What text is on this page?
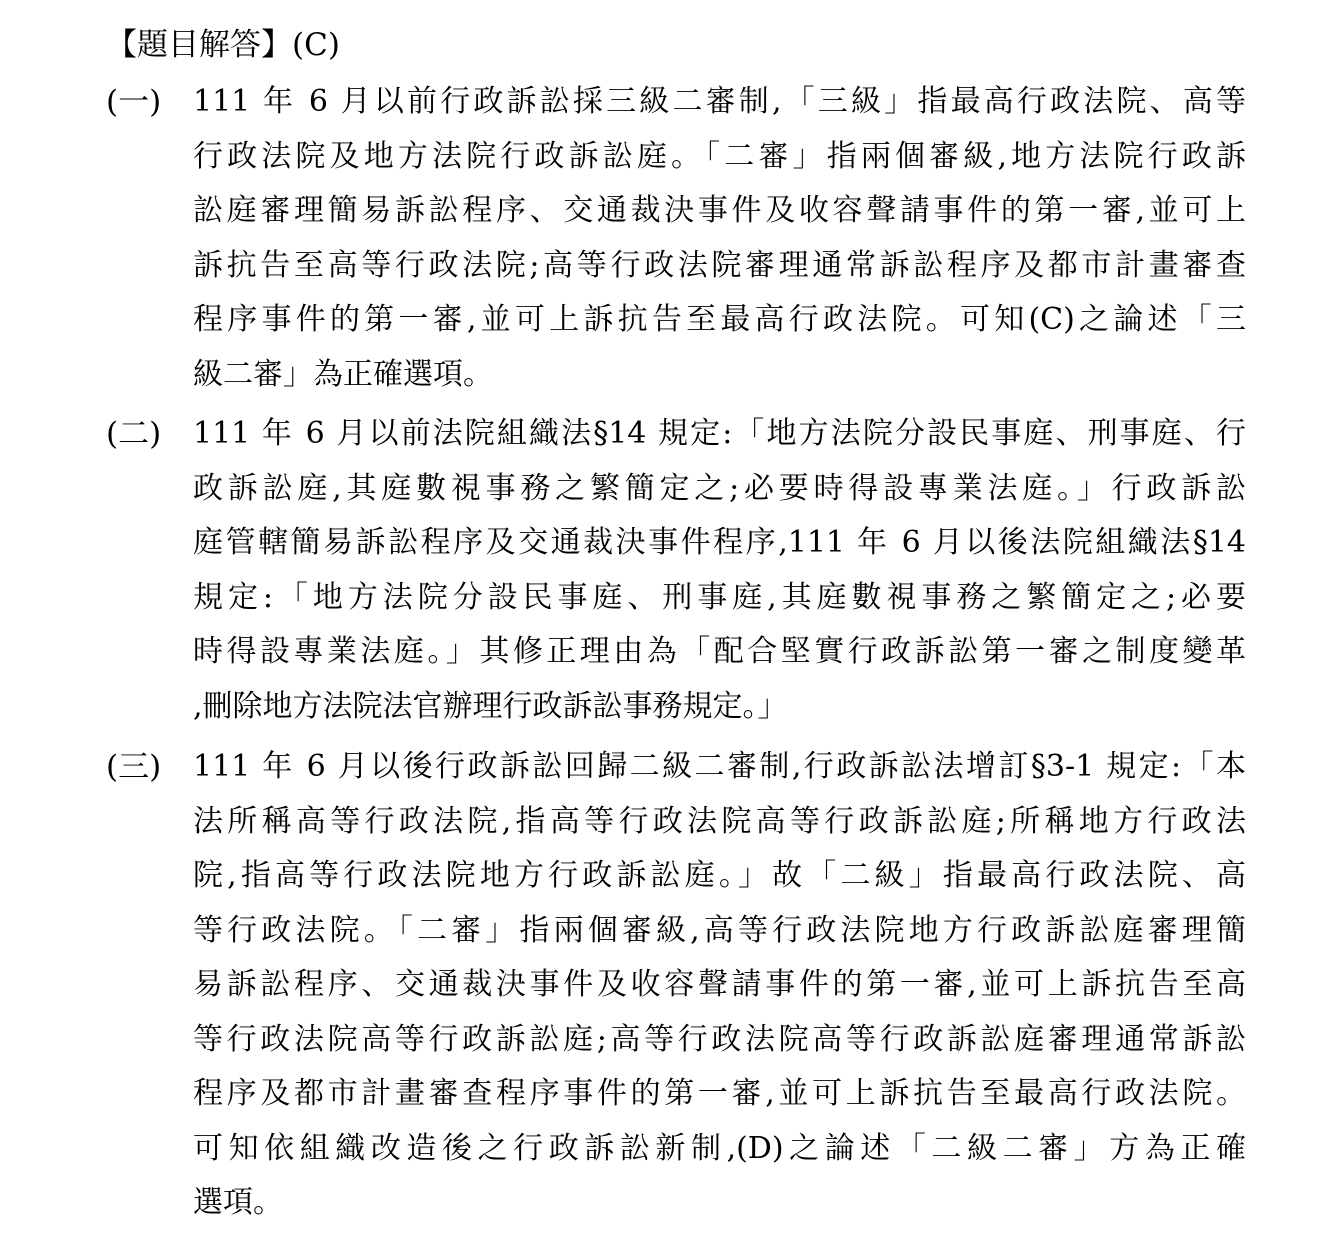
【題目解答】(C)
(一) 111 年 6 月以前行政訴訟採三級二審制,「三級」指最高行政法院、高等
行政法院及地方法院行政訴訟庭。「二審」指兩個審級,地方法院行政訴
訟庭審理簡易訴訟程序、交通裁決事件及收容聲請事件的第一審,並可上
訴抗告至高等行政法院;高等行政法院審理通常訴訟程序及都市計畫審查
程序事件的第一審,並可上訴抗告至最高行政法院。可知(C)之論述「三
級二審」為正確選項。
(二) 111 年 6 月以前法院組織法§14 規定:「地方法院分設民事庭、刑事庭、行
政訴訟庭,其庭數視事務之繁簡定之;必要時得設專業法庭。」行政訴訟
庭管轄簡易訴訟程序及交通裁決事件程序,111 年 6 月以後法院組織法§14
規定:「地方法院分設民事庭、刑事庭,其庭數視事務之繁簡定之;必要
時得設專業法庭。」其修正理由為「配合堅實行政訴訟第一審之制度變革
,刪除地方法院法官辦理行政訴訟事務規定。」
(三) 111 年 6 月以後行政訴訟回歸二級二審制,行政訴訟法增訂§3-1 規定:「本
法所稱高等行政法院,指高等行政法院高等行政訴訟庭;所稱地方行政法
院,指高等行政法院地方行政訴訟庭。」故「二級」指最高行政法院、高
等行政法院。「二審」指兩個審級,高等行政法院地方行政訴訟庭審理簡
易訴訟程序、交通裁決事件及收容聲請事件的第一審,並可上訴抗告至高
等行政法院高等行政訴訟庭;高等行政法院高等行政訴訟庭審理通常訴訟
程序及都市計畫審查程序事件的第一審,並可上訴抗告至最高行政法院。
可知依組織改造後之行政訴訟新制,(D)之論述「二級二審」方為正確
選項。
